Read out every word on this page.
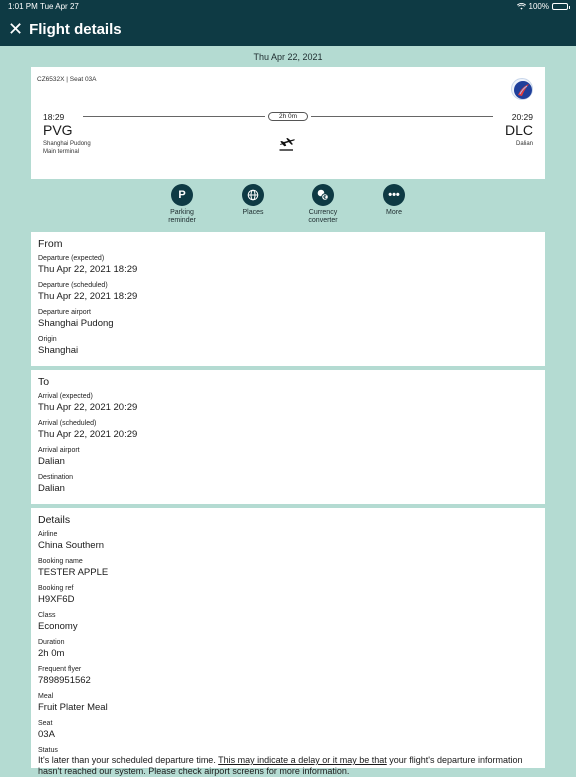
1:01 PM Tue Apr 27	100%
✕ Flight details
Thu Apr 22, 2021
CZ6532X | Seat 03A
18:29	20:29
2h 0m
PVG	DLC
Shanghai Pudong
Main terminal
Dalian
P
Parking
reminder
Places
€
Currency
converter
•••
More
From
Departure (expected)
Thu Apr 22, 2021 18:29
Departure (scheduled)
Thu Apr 22, 2021 18:29
Departure airport
Shanghai Pudong
Origin
Shanghai
To
Arrival (expected)
Thu Apr 22, 2021 20:29
Arrival (scheduled)
Thu Apr 22, 2021 20:29
Arrival airport
Dalian
Destination
Dalian
Details
Airline
China Southern
Booking name
TESTER APPLE
Booking ref
H9XF6D
Class
Economy
Duration
2h 0m
Frequent flyer
7898951562
Meal
Fruit Plater Meal
Seat
03A
Status
It's later than your scheduled departure time. This may indicate a delay or it may be that your flight's departure information hasn't reached our system. Please check airport screens for more information.
